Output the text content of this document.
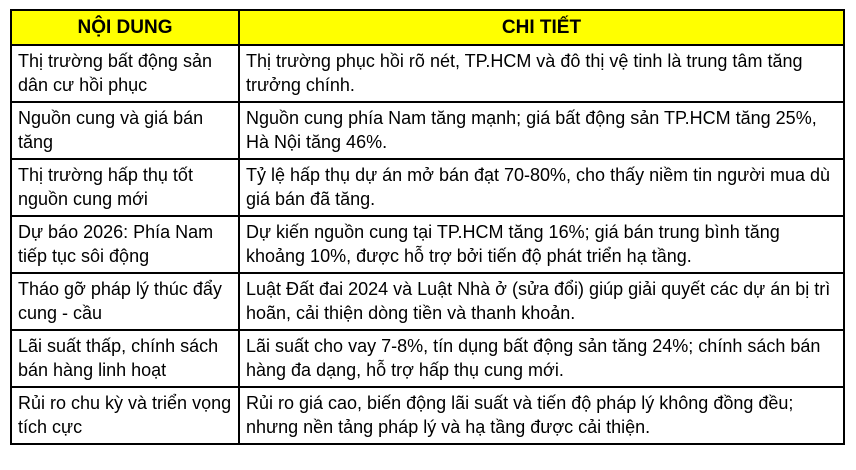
NỘI DUNG	CHI TIẾT
Thị trường bất động sản dân cư hồi phục	Thị trường phục hồi rõ nét, TP.HCM và đô thị vệ tinh là trung tâm tăng trưởng chính.
Nguồn cung và giá bán tăng	Nguồn cung phía Nam tăng mạnh; giá bất động sản TP.HCM tăng 25%, Hà Nội tăng 46%.
Thị trường hấp thụ tốt nguồn cung mới	Tỷ lệ hấp thụ dự án mở bán đạt 70-80%, cho thấy niềm tin người mua dù giá bán đã tăng.
Dự báo 2026: Phía Nam tiếp tục sôi động	Dự kiến nguồn cung tại TP.HCM tăng 16%; giá bán trung bình tăng khoảng 10%, được hỗ trợ bởi tiến độ phát triển hạ tầng.
Tháo gỡ pháp lý thúc đẩy cung - cầu	Luật Đất đai 2024 và Luật Nhà ở (sửa đổi) giúp giải quyết các dự án bị trì hoãn, cải thiện dòng tiền và thanh khoản.
Lãi suất thấp, chính sách bán hàng linh hoạt	Lãi suất cho vay 7-8%, tín dụng bất động sản tăng 24%; chính sách bán hàng đa dạng, hỗ trợ hấp thụ cung mới.
Rủi ro chu kỳ và triển vọng tích cực	Rủi ro giá cao, biến động lãi suất và tiến độ pháp lý không đồng đều; nhưng nền tảng pháp lý và hạ tầng được cải thiện.
